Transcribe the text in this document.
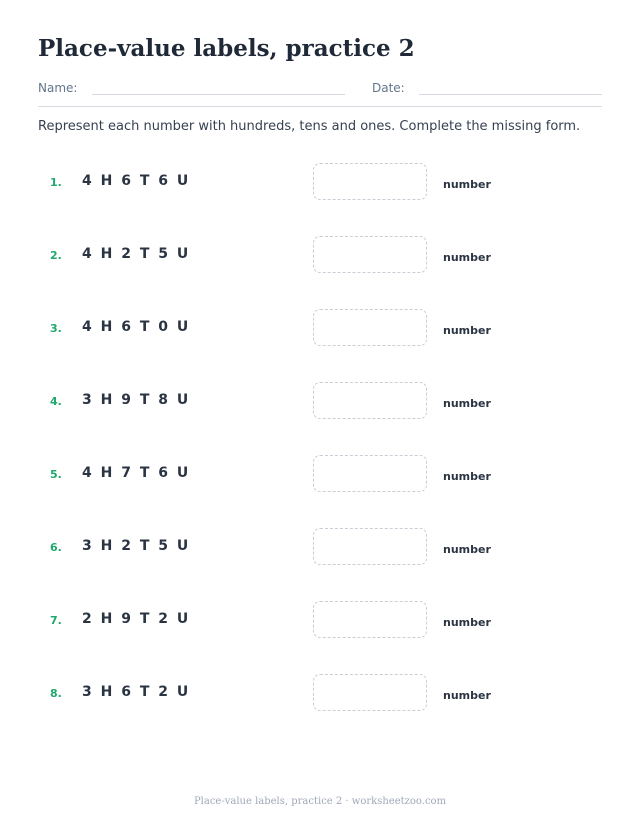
Place-value labels, practice 2
Name:	Date:
Represent each number with hundreds, tens and ones. Complete the missing form.
1. 4 H 6 T 6 U	number
2. 4 H 2 T 5 U	number
3. 4 H 6 T 0 U	number
4. 3 H 9 T 8 U	number
5. 4 H 7 T 6 U	number
6. 3 H 2 T 5 U	number
7. 2 H 9 T 2 U	number
8. 3 H 6 T 2 U	number
Place-value labels, practice 2 · worksheetzoo.com
